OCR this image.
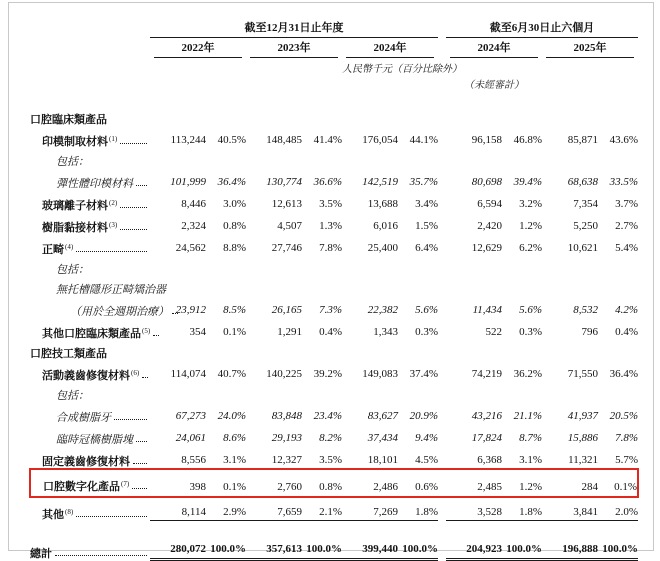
	截至12月31日止年度							截至6月30日止六個月			

	2022年		2023年		2024年			2024年		2025年	

					人民幣千元（百分比除外）						

								（未經審計）			

口腔臨床類產品											

印模制取材料$^{(1)}$	113,244	40.5%	148,485	41.4%	176,054	44.1%		96,158	46.8%	85,871	43.6%

包括：											

彈性體印模材料	101,999	36.4%	130,774	36.6%	142,519	35.7%		80,698	39.4%	68,638	33.5%

玻璃離子材料$^{(2)}$	8,446	3.0%	12,613	3.5%	13,688	3.4%		6,594	3.2%	7,354	3.7%

樹脂黏接材料$^{(3)}$	2,324	0.8%	4,507	1.3%	6,016	1.5%		2,420	1.2%	5,250	2.7%

正畸$^{(4)}$	24,562	8.8%	27,746	7.8%	25,400	6.4%		12,629	6.2%	10,621	5.4%

包括：											

無托槽隱形正畸矯治器											

（用於全週期治療）	23,912	8.5%	26,165	7.3%	22,382	5.6%		11,434	5.6%	8,532	4.2%

其他口腔臨床類產品$^{(5)}$	354	0.1%	1,291	0.4%	1,343	0.3%		522	0.3%	796	0.4%

口腔技工類產品											

活動義齒修復材料$^{(6)}$	114,074	40.7%	140,225	39.2%	149,083	37.4%		74,219	36.2%	71,550	36.4%

包括：											

合成樹脂牙	67,273	24.0%	83,848	23.4%	83,627	20.9%		43,216	21.1%	41,937	20.5%

臨時冠橋樹脂塊	24,061	8.6%	29,193	8.2%	37,434	9.4%		17,824	8.7%	15,886	7.8%

固定義齒修復材料	8,556	3.1%	12,327	3.5%	18,101	4.5%		6,368	3.1%	11,321	5.7%

口腔數字化產品$^{(7)}$	398	0.1%	2,760	0.8%	2,486	0.6%		2,485	1.2%	284	0.1%

其他$^{(8)}$	8,114	2.9%	7,659	2.1%	7,269	1.8%		3,528	1.8%	3,841	2.0%

總計	280,072	100.0%	357,613	100.0%	399,440	100.0%		204,923	100.0%	196,888	100.0%
